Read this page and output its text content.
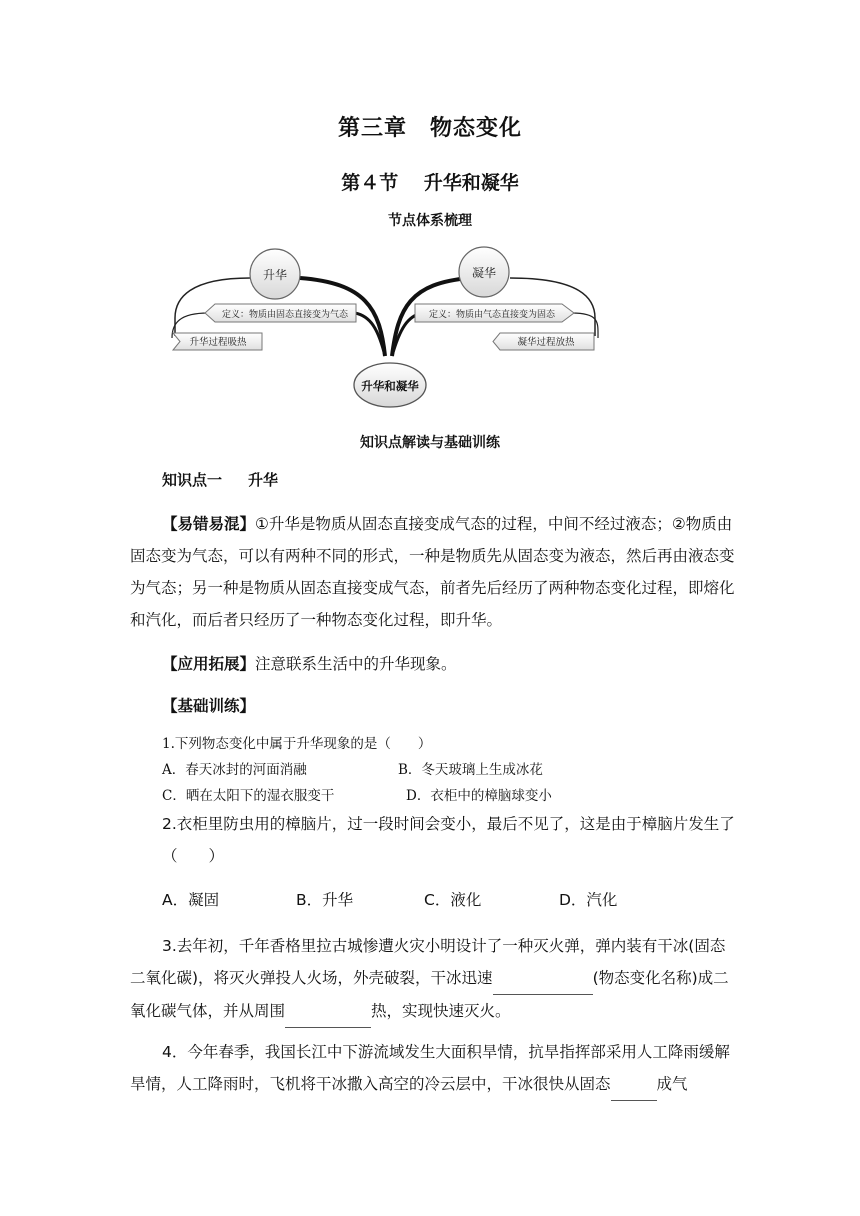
第三章　物态变化
第４节　 升华和凝华
节点体系梳理
升华	凝华
定义：物质由固态直接变为气态	定义：物质由气态直接变为固态
升华过程吸热	凝华过程放热
升华和凝华
知识点解读与基础训练
知识点一 升华
【易错易混】①升华是物质从固态直接变成气态的过程，中间不经过液态；②物质由固态变为气态，可以有两种不同的形式，一种是物质先从固态变为液态，然后再由液态变为气态；另一种是物质从固态直接变成气态，前者先后经历了两种物态变化过程，即熔化和汽化，而后者只经历了一种物态变化过程，即升华。
【应用拓展】注意联系生活中的升华现象。
【基础训练】
1.下列物态变化中属于升华现象的是（　　）
A．春天冰封的河面消融	B．冬天玻璃上生成冰花
C．晒在太阳下的湿衣服变干	D．衣柜中的樟脑球变小
2.衣柜里防虫用的樟脑片，过一段时间会变小，最后不见了，这是由于樟脑片发生了（　　）
A．凝固	B．升华	C．液化	D．汽化
3.去年初，千年香格里拉古城惨遭火灾小明设计了一种灭火弹，弹内装有干冰(固态二氧化碳)，将灭火弹投人火场，外壳破裂，干冰迅速	(物态变化名称)成二氧化碳气体，并从周围	热，实现快速灭火。
4．今年春季，我国长江中下游流域发生大面积旱情，抗旱指挥部采用人工降雨缓解旱情，人工降雨时，飞机将干冰撒入高空的冷云层中，干冰很快从固态	成气
